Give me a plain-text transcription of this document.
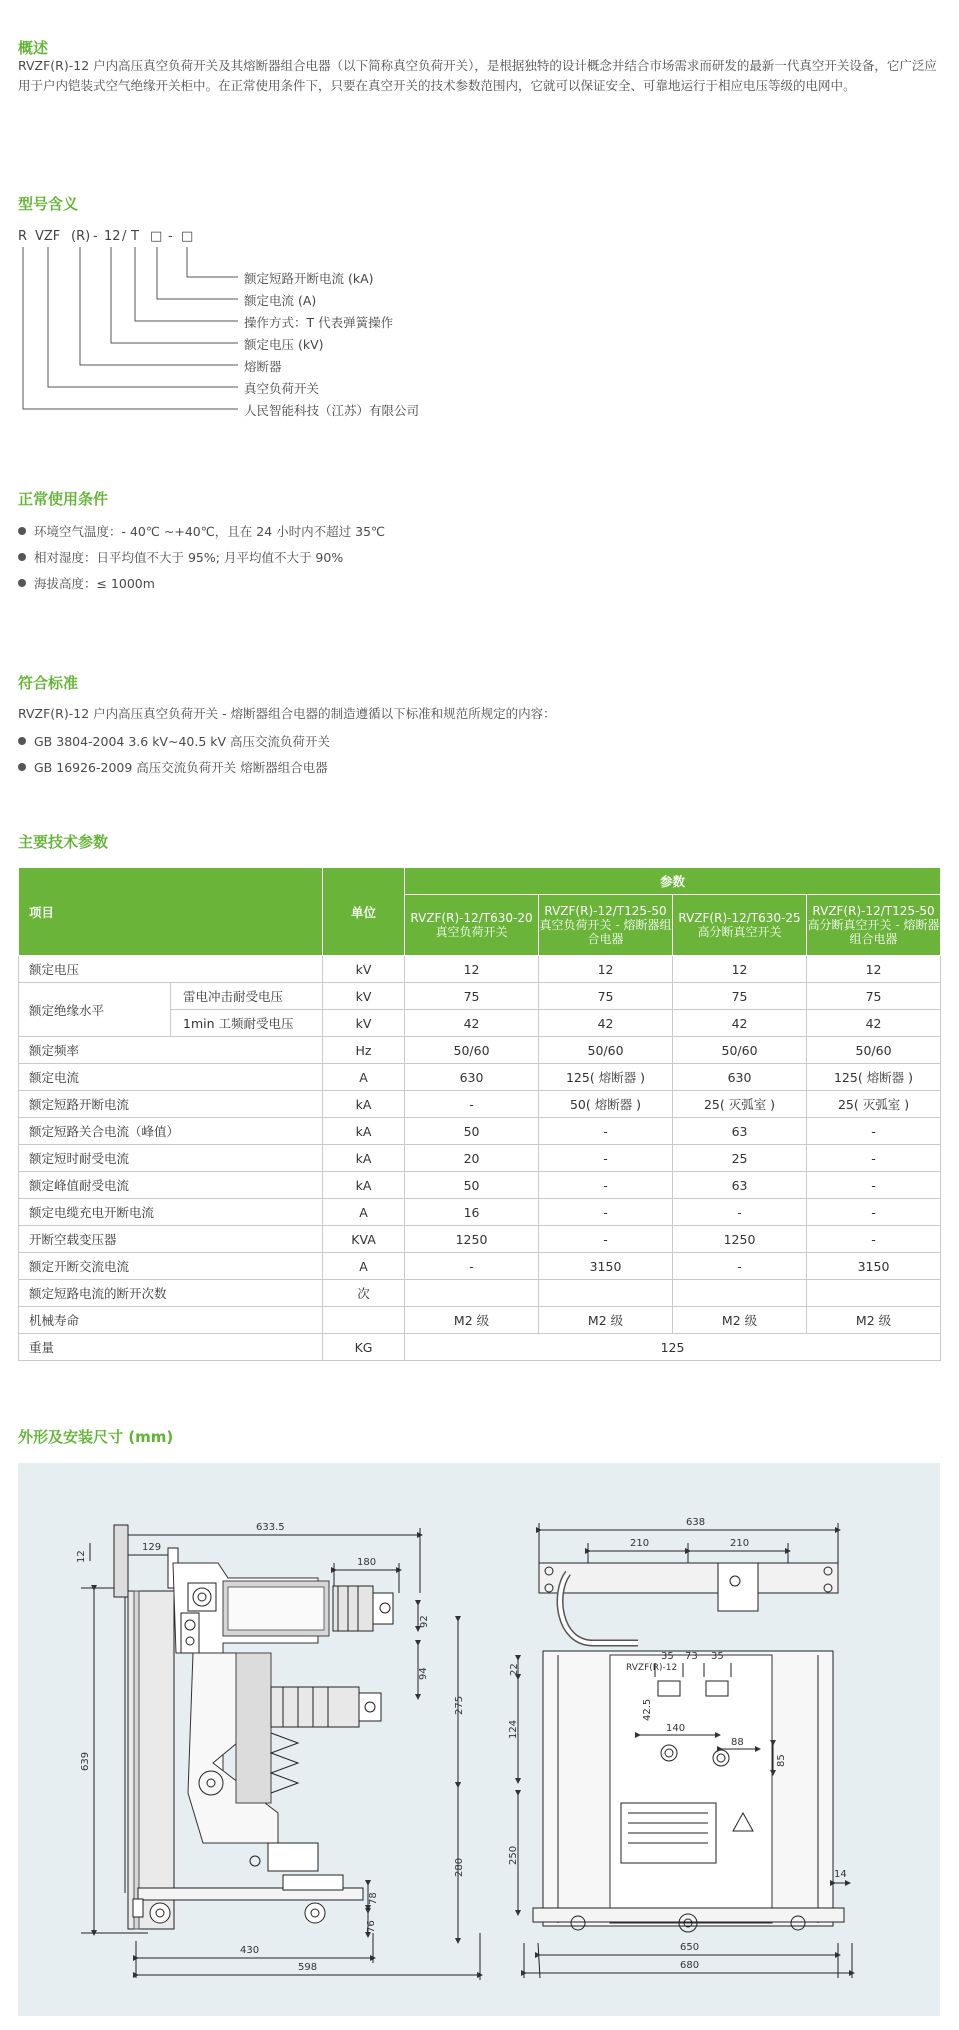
概述
RVZF(R)-12 户内高压真空负荷开关及其熔断器组合电器（以下简称真空负荷开关），是根据独特的设计概念并结合市场需求而研发的最新一代真空开关设备，它广泛应用于户内铠装式空气绝缘开关柜中。在正常使用条件下，只要在真空开关的技术参数范围内，它就可以保证安全、可靠地运行于相应电压等级的电网中。
型号含义
R VZF (R) - 12 / T □ - □
额定短路开断电流 (kA)
额定电流 (A)
操作方式：T 代表弹簧操作
额定电压 (kV)
熔断器
真空负荷开关
人民智能科技（江苏）有限公司
正常使用条件
环境空气温度：- 40℃ ~+40℃，且在 24 小时内不超过 35℃
相对湿度：日平均值不大于 95%; 月平均值不大于 90%
海拔高度：≤ 1000m
符合标准
RVZF(R)-12 户内高压真空负荷开关 - 熔断器组合电器的制造遵循以下标准和规范所规定的内容：
GB 3804-2004 3.6 kV~40.5 kV 高压交流负荷开关
GB 16926-2009 高压交流负荷开关 熔断器组合电器
主要技术参数
项目		单位	参数			
			RVZF(R)-12/T630-20 真空负荷开关	RVZF(R)-12/T125-50 真空负荷开关 - 熔断器组合电器	RVZF(R)-12/T630-25 高分断真空开关	RVZF(R)-12/T125-50 高分断真空开关 - 熔断器组合电器
额定电压		kV	12	12	12	12
额定绝缘水平	雷电冲击耐受电压	kV	75	75	75	75
	1min 工频耐受电压	kV	42	42	42	42
额定频率		Hz	50/60	50/60	50/60	50/60
额定电流		A	630	125( 熔断器 )	630	125( 熔断器 )
额定短路开断电流		kA	-	50( 熔断器 )	25( 灭弧室 )	25( 灭弧室 )
额定短路关合电流（峰值）		kA	50	-	63	-
额定短时耐受电流		kA	20	-	25	-
额定峰值耐受电流		kA	50	-	63	-
额定电缆充电开断电流		A	16	-	-	-
开断空载变压器		KVA	1250	-	1250	-
额定开断交流电流		A	-	3150	-	3150
额定短路电流的断开次数		次				
机械寿命			M2 级	M2 级	M2 级	M2 级
重量		KG	125			
外形及安装尺寸 (mm)
633.5
129
180
12
92
275
94
639
280
78
76
430
598
638
210	210
35 73 35
22
124
42.5
88
140
250
85
14
650
680
RVZF(R)-12
